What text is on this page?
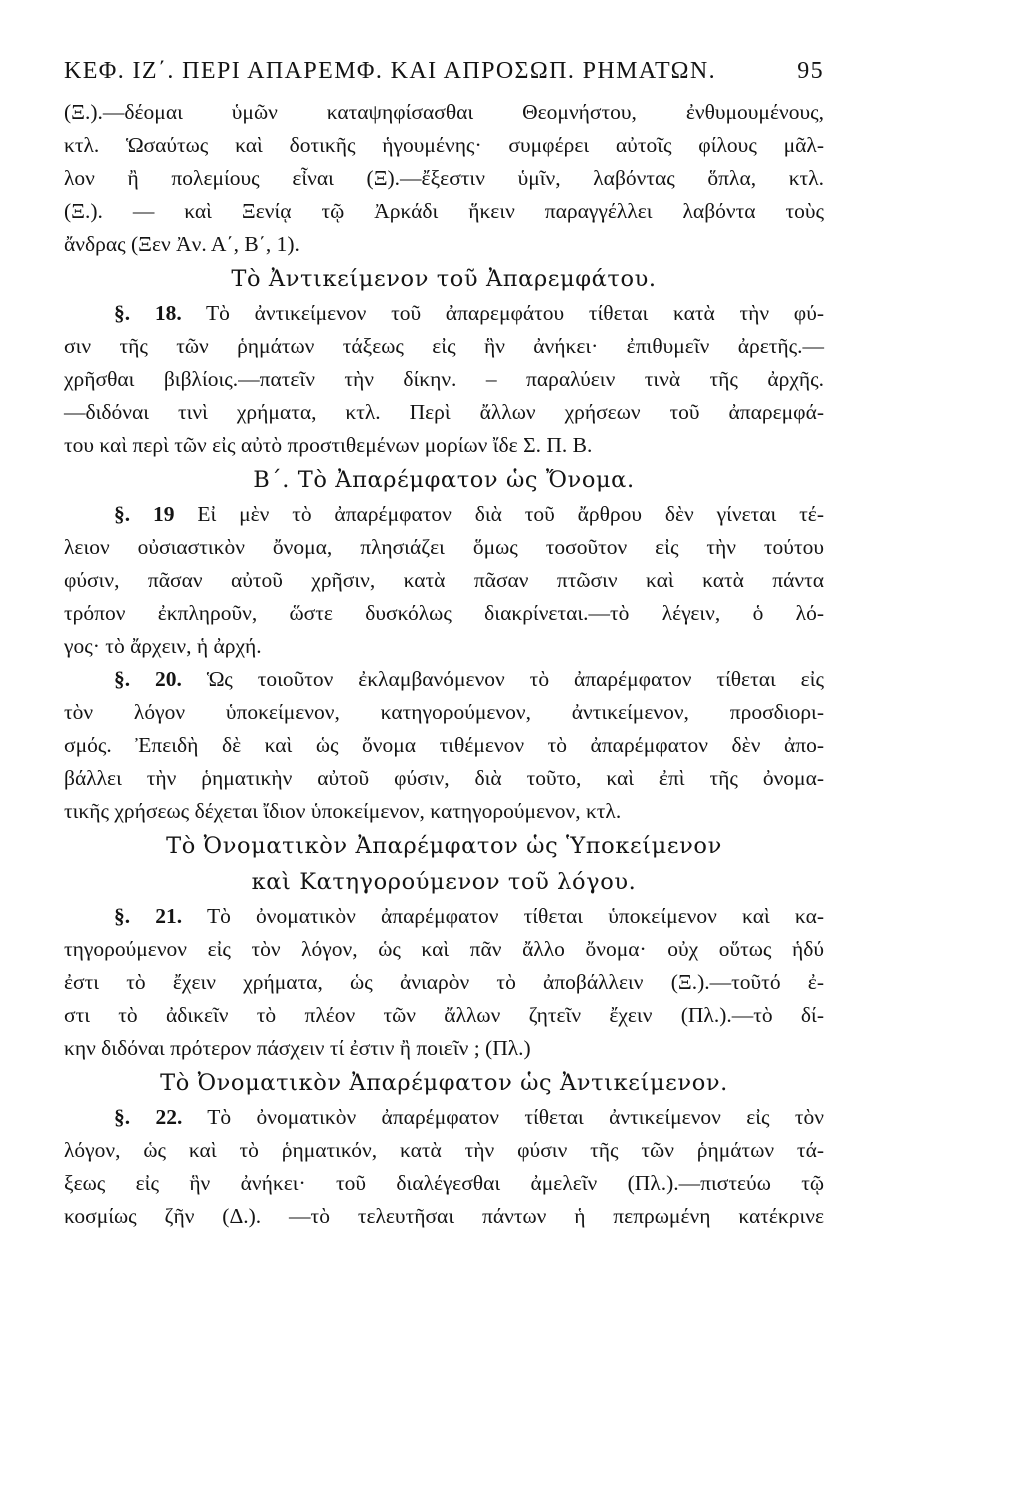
ΚΕΦ. ΙΖ΄. ΠΕΡΙ ΑΠΑΡΕΜΦ. ΚΑΙ ΑΠΡΟΣΩΠ. ΡΗΜΑΤΩΝ.	95
(Ξ.).—δέομαι ὑμῶν καταψηφίσασθαι Θεομνήστου, ἐνθυμουμένους,
κτλ. Ὡσαύτως καὶ δοτικῆς ἡγουμένης· συμφέρει αὐτοῖς φίλους μᾶλ-
λον ἢ πολεμίους εἶναι (Ξ).—ἔξεστιν ὑμῖν, λαβόντας ὅπλα, κτλ.
(Ξ.). — καὶ Ξενίᾳ τῷ Ἀρκάδι ἥκειν παραγγέλλει λαβόντα τοὺς
ἄνδρας (Ξεν Ἀν. Α΄, Β΄, 1).
Τὸ Ἀντικείμενον τοῦ Ἀπαρεμφάτου.
§. 18. Τὸ ἀντικείμενον τοῦ ἀπαρεμφάτου τίθεται κατὰ τὴν φύ-
σιν τῆς τῶν ῥημάτων τάξεως εἰς ἣν ἀνήκει· ἐπιθυμεῖν ἀρετῆς.—
χρῆσθαι βιβλίοις.—πατεῖν τὴν δίκην. – παραλύειν τινὰ τῆς ἀρχῆς.
—διδόναι τινὶ χρήματα, κτλ. Περὶ ἄλλων χρήσεων τοῦ ἀπαρεμφά-
του καὶ περὶ τῶν εἰς αὐτὸ προστιθεμένων μορίων ἴδε Σ. Π. Β.
Β΄. Τὸ Ἀπαρέμφατον ὡς Ὄνομα.
§. 19 Εἰ μὲν τὸ ἀπαρέμφατον διὰ τοῦ ἄρθρου δὲν γίνεται τέ-
λειον οὐσιαστικὸν ὄνομα, πλησιάζει ὅμως τοσοῦτον εἰς τὴν τούτου
φύσιν, πᾶσαν αὐτοῦ χρῆσιν, κατὰ πᾶσαν πτῶσιν καὶ κατὰ πάντα
τρόπον ἐκπληροῦν, ὥστε δυσκόλως διακρίνεται.—τὸ λέγειν, ὁ λό-
γος· τὸ ἄρχειν, ἡ ἀρχή.
§. 20. Ὡς τοιοῦτον ἐκλαμβανόμενον τὸ ἀπαρέμφατον τίθεται εἰς
τὸν λόγον ὑποκείμενον, κατηγορούμενον, ἀντικείμενον, προσδιορι-
σμός. Ἐπειδὴ δὲ καὶ ὡς ὄνομα τιθέμενον τὸ ἀπαρέμφατον δὲν ἀπο-
βάλλει τὴν ῥηματικὴν αὐτοῦ φύσιν, διὰ τοῦτο, καὶ ἐπὶ τῆς ὀνομα-
τικῆς χρήσεως δέχεται ἴδιον ὑποκείμενον, κατηγορούμενον, κτλ.
Τὸ Ὀνοματικὸν Ἀπαρέμφατον ὡς Ὑποκείμενον
καὶ Κατηγορούμενον τοῦ λόγου.
§. 21. Τὸ ὀνοματικὸν ἀπαρέμφατον τίθεται ὑποκείμενον καὶ κα-
τηγορούμενον εἰς τὸν λόγον, ὡς καὶ πᾶν ἄλλο ὄνομα· οὐχ οὕτως ἡδύ
ἐστι τὸ ἔχειν χρήματα, ὡς ἀνιαρὸν τὸ ἀποβάλλειν (Ξ.).—τοῦτό ἐ-
στι τὸ ἀδικεῖν τὸ πλέον τῶν ἄλλων ζητεῖν ἔχειν (Πλ.).—τὸ δί-
κην διδόναι πρότερον πάσχειν τί ἐστιν ἢ ποιεῖν ; (Πλ.)
Τὸ Ὀνοματικὸν Ἀπαρέμφατον ὡς Ἀντικείμενον.
§. 22. Τὸ ὀνοματικὸν ἀπαρέμφατον τίθεται ἀντικείμενον εἰς τὸν
λόγον, ὡς καὶ τὸ ῥηματικόν, κατὰ τὴν φύσιν τῆς τῶν ῥημάτων τά-
ξεως εἰς ἣν ἀνήκει· τοῦ διαλέγεσθαι ἀμελεῖν (Πλ.).—πιστεύω τῷ
κοσμίως ζῆν (Δ.). —τὸ τελευτῆσαι πάντων ἡ πεπρωμένη κατέκρινε
